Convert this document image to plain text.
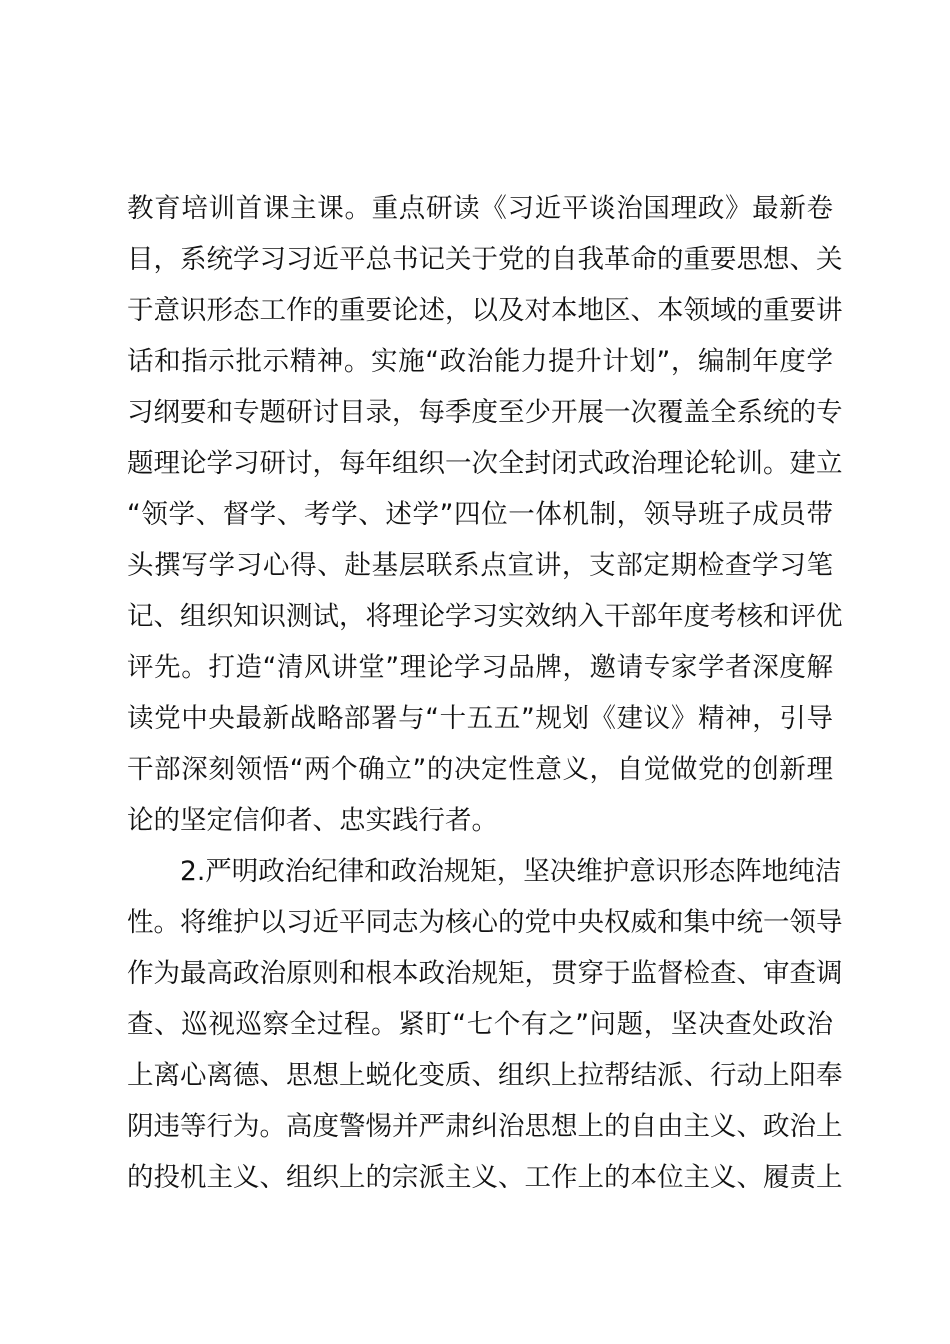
教育培训首课主课。重点研读《习近平谈治国理政》最新卷
目，系统学习习近平总书记关于党的自我革命的重要思想、关
于意识形态工作的重要论述，以及对本地区、本领域的重要讲
话和指示批示精神。实施“政治能力提升计划”，编制年度学
习纲要和专题研讨目录，每季度至少开展一次覆盖全系统的专
题理论学习研讨，每年组织一次全封闭式政治理论轮训。建立
“领学、督学、考学、述学”四位一体机制，领导班子成员带
头撰写学习心得、赴基层联系点宣讲，支部定期检查学习笔
记、组织知识测试，将理论学习实效纳入干部年度考核和评优
评先。打造“清风讲堂”理论学习品牌，邀请专家学者深度解
读党中央最新战略部署与“十五五”规划《建议》精神，引导
干部深刻领悟“两个确立”的决定性意义，自觉做党的创新理
论的坚定信仰者、忠实践行者。
2.严明政治纪律和政治规矩，坚决维护意识形态阵地纯洁
性。将维护以习近平同志为核心的党中央权威和集中统一领导
作为最高政治原则和根本政治规矩，贯穿于监督检查、审查调
查、巡视巡察全过程。紧盯“七个有之”问题，坚决查处政治
上离心离德、思想上蜕化变质、组织上拉帮结派、行动上阳奉
阴违等行为。高度警惕并严肃纠治思想上的自由主义、政治上
的投机主义、组织上的宗派主义、工作上的本位主义、履责上
